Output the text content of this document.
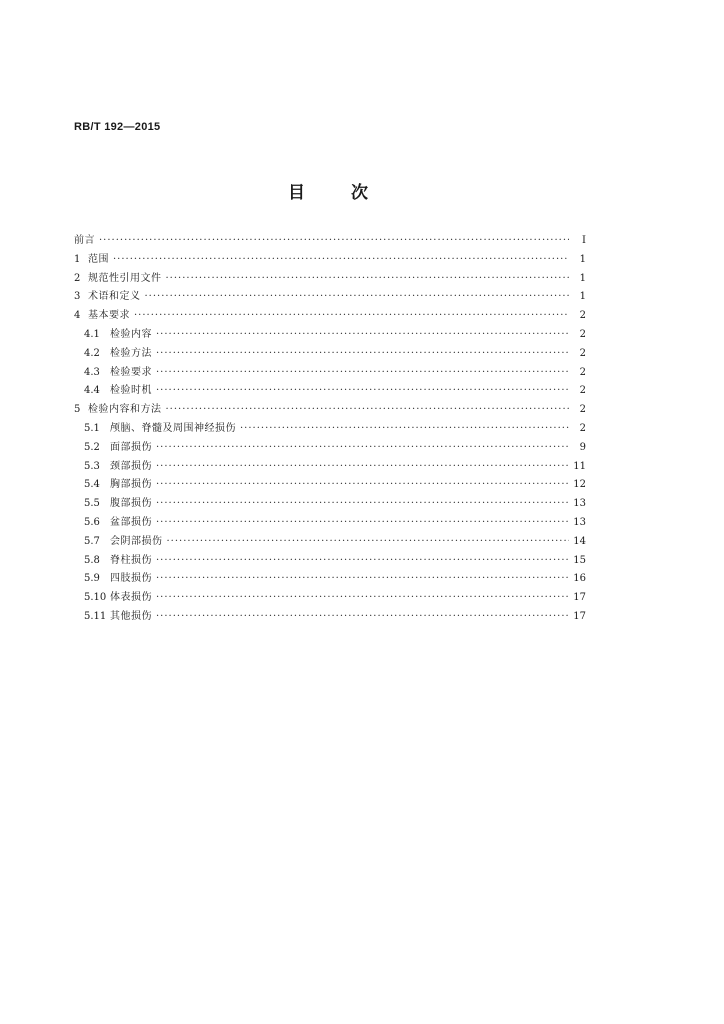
RB/T 192—2015
目	次
前言 ·····	Ⅰ
1 范围 ·····	1
2 规范性引用文件 ·····	1
3 术语和定义 ·····	1
4 基本要求 ·····	2
4.1	检验内容 ·····	2
4.2	检验方法 ·····	2
4.3	检验要求 ·····	2
4.4	检验时机 ·····	2
5 检验内容和方法 ·····	2
5.1	颅脑、脊髓及周围神经损伤 ·····	2
5.2	面部损伤 ·····	9
5.3	颈部损伤 ·····	11
5.4	胸部损伤 ·····	12
5.5	腹部损伤 ·····	13
5.6	盆部损伤 ·····	13
5.7	会阴部损伤 ·····	14
5.8	脊柱损伤 ·····	15
5.9	四肢损伤 ·····	16
5.10 体表损伤 ·····	17
5.11 其他损伤 ·····	17
